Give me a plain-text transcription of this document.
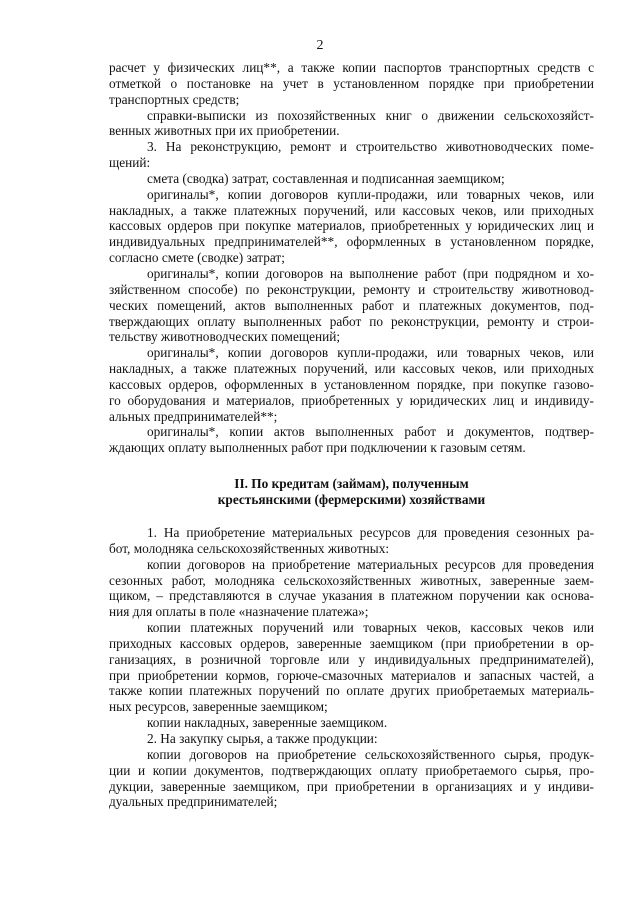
2
расчет у физических лиц**, а также копии паспортов транспортных средств с
отметкой о постановке на учет в установленном порядке при приобретении
транспортных средств;
справки-выписки из похозяйственных книг о движении сельскохозяйст-
венных животных при их приобретении.
3. На реконструкцию, ремонт и строительство животноводческих поме-
щений:
смета (сводка) затрат, составленная и подписанная заемщиком;
оригиналы*, копии договоров купли-продажи, или товарных чеков, или
накладных, а также платежных поручений, или кассовых чеков, или приходных
кассовых ордеров при покупке материалов, приобретенных у юридических лиц и
индивидуальных предпринимателей**, оформленных в установленном порядке,
согласно смете (сводке) затрат;
оригиналы*, копии договоров на выполнение работ (при подрядном и хо-
зяйственном способе) по реконструкции, ремонту и строительству животновод-
ческих помещений, актов выполненных работ и платежных документов, под-
тверждающих оплату выполненных работ по реконструкции, ремонту и строи-
тельству животноводческих помещений;
оригиналы*, копии договоров купли-продажи, или товарных чеков, или
накладных, а также платежных поручений, или кассовых чеков, или приходных
кассовых ордеров, оформленных в установленном порядке, при покупке газово-
го оборудования и материалов, приобретенных у юридических лиц и индивиду-
альных предпринимателей**;
оригиналы*, копии актов выполненных работ и документов, подтвер-
ждающих оплату выполненных работ при подключении к газовым сетям.
II. По кредитам (займам), полученным
крестьянскими (фермерскими) хозяйствами
1. На приобретение материальных ресурсов для проведения сезонных ра-
бот, молодняка сельскохозяйственных животных:
копии договоров на приобретение материальных ресурсов для проведения
сезонных работ, молодняка сельскохозяйственных животных, заверенные заем-
щиком, – представляются в случае указания в платежном поручении как основа-
ния для оплаты в поле «назначение платежа»;
копии платежных поручений или товарных чеков, кассовых чеков или
приходных кассовых ордеров, заверенные заемщиком (при приобретении в ор-
ганизациях, в розничной торговле или у индивидуальных предпринимателей),
при приобретении кормов, горюче-смазочных материалов и запасных частей, а
также копии платежных поручений по оплате других приобретаемых материаль-
ных ресурсов, заверенные заемщиком;
копии накладных, заверенные заемщиком.
2. На закупку сырья, а также продукции:
копии договоров на приобретение сельскохозяйственного сырья, продук-
ции и копии документов, подтверждающих оплату приобретаемого сырья, про-
дукции, заверенные заемщиком, при приобретении в организациях и у индиви-
дуальных предпринимателей;
